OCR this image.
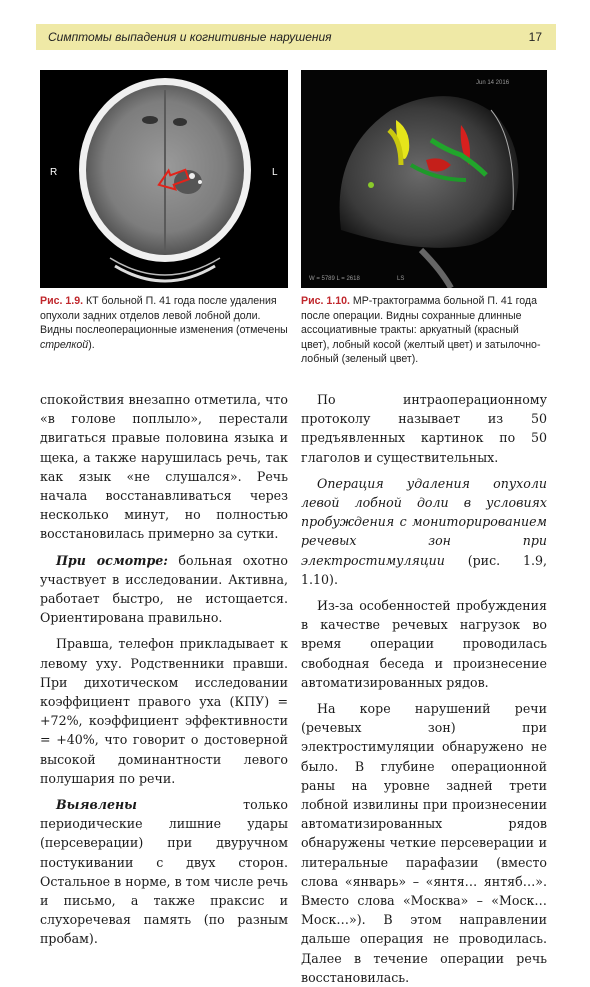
Симптомы выпадения и когнитивные нарушения	17
R	L
Jun 14 2016
W = 5789 L = 2618	LS
Рис. 1.9. КТ больной П. 41 года после удаления опухоли задних отделов левой лобной доли. Видны послеоперационные изменения (отмечены стрелкой).
Рис. 1.10. МР-трактограмма больной П. 41 года после операции. Видны сохранные длинные ассоциативные тракты: аркуатный (красный цвет), лобный косой (желтый цвет) и затылочно-лобный (зеленый цвет).

спокойствия внезапно отметила, что «в голове поплыло», перестали двигаться правые половина языка и щека, а также нарушилась речь, так как язык «не слушался». Речь начала восстанавливаться через несколько минут, но полностью восстановилась примерно за сутки.

При осмотре: больная охотно участвует в исследовании. Активна, работает быстро, не истощается. Ориентирована правильно.

Правша, телефон прикладывает к левому уху. Родственники правши. При дихотическом исследовании коэффициент правого уха (КПУ) = +72%, коэффициент эффективности = +40%, что говорит о достоверной высокой доминантности левого полушария по речи.

Выявлены только периодические лишние удары (персеверации) при двуручном постукивании с двух сторон. Остальное в норме, в том числе речь и письмо, а также праксис и слухоречевая память (по разным пробам).

По интраоперационному протоколу называет из 50 предъявленных картинок по 50 глаголов и существительных.

Операция удаления опухоли левой лобной доли в условиях пробуждения с мониторированием речевых зон при электростимуляции (рис. 1.9, 1.10).

Из-за особенностей пробуждения в качестве речевых нагрузок во время операции проводилась свободная беседа и произнесение автоматизированных рядов.

На коре нарушений речи (речевых зон) при электростимуляции обнаружено не было. В глубине операционной раны на уровне задней трети лобной извилины при произнесении автоматизированных рядов обнаружены четкие персеверации и литеральные парафазии (вместо слова «январь» – «янтя… янтяб…». Вместо слова «Москва» – «Моск… Моск…»). В этом направлении дальше операция не проводилась. Далее в течение операции речь восстановилась.
